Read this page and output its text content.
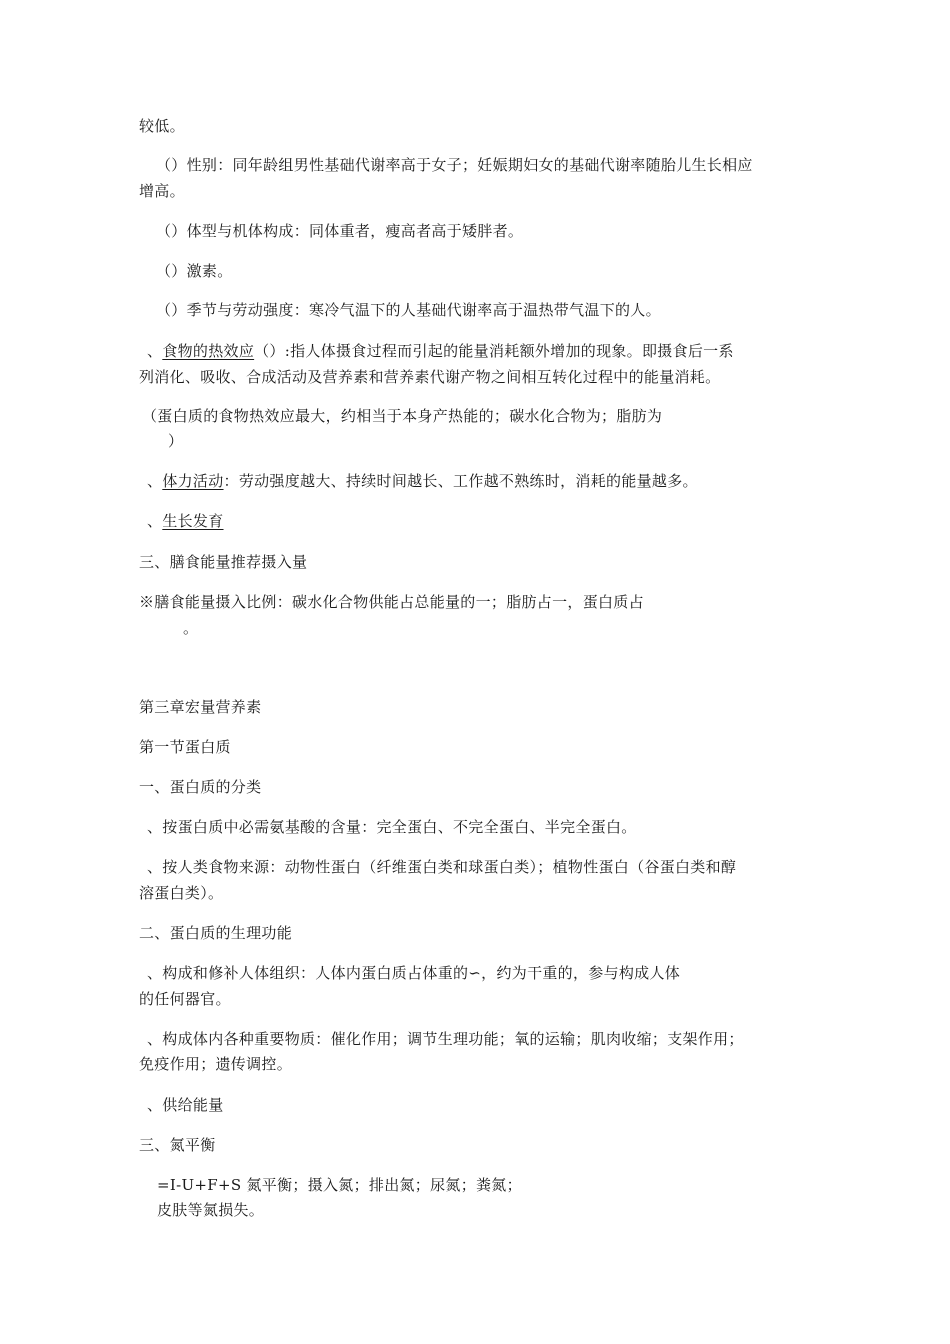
较低。
（）性别：同年龄组男性基础代谢率高于女子；妊娠期妇女的基础代谢率随胎儿生长相应
增高。
（）体型与机体构成：同体重者，瘦高者高于矮胖者。
（）激素。
（）季节与劳动强度：寒冷气温下的人基础代谢率高于温热带气温下的人。
、食物的热效应（）:指人体摄食过程而引起的能量消耗额外增加的现象。即摄食后一系
列消化、吸收、合成活动及营养素和营养素代谢产物之间相互转化过程中的能量消耗。
（蛋白质的食物热效应最大，约相当于本身产热能的；碳水化合物为；脂肪为
）
、体力活动：劳动强度越大、持续时间越长、工作越不熟练时，消耗的能量越多。
、生长发育
三、膳食能量推荐摄入量
※膳食能量摄入比例：碳水化合物供能占总能量的一；脂肪占一，蛋白质占
。
第三章宏量营养素
第一节蛋白质
一、蛋白质的分类
、按蛋白质中必需氨基酸的含量：完全蛋白、不完全蛋白、半完全蛋白。
、按人类食物来源：动物性蛋白（纤维蛋白类和球蛋白类）；植物性蛋白（谷蛋白类和醇
溶蛋白类）。
二、蛋白质的生理功能
、构成和修补人体组织：人体内蛋白质占体重的∽，约为干重的，参与构成人体
的任何器官。
、构成体内各种重要物质：催化作用；调节生理功能；氧的运输；肌肉收缩；支架作用；
免疫作用；遗传调控。
、供给能量
三、氮平衡
=I-U+F+S 氮平衡；摄入氮；排出氮；尿氮；粪氮；
皮肤等氮损失。
